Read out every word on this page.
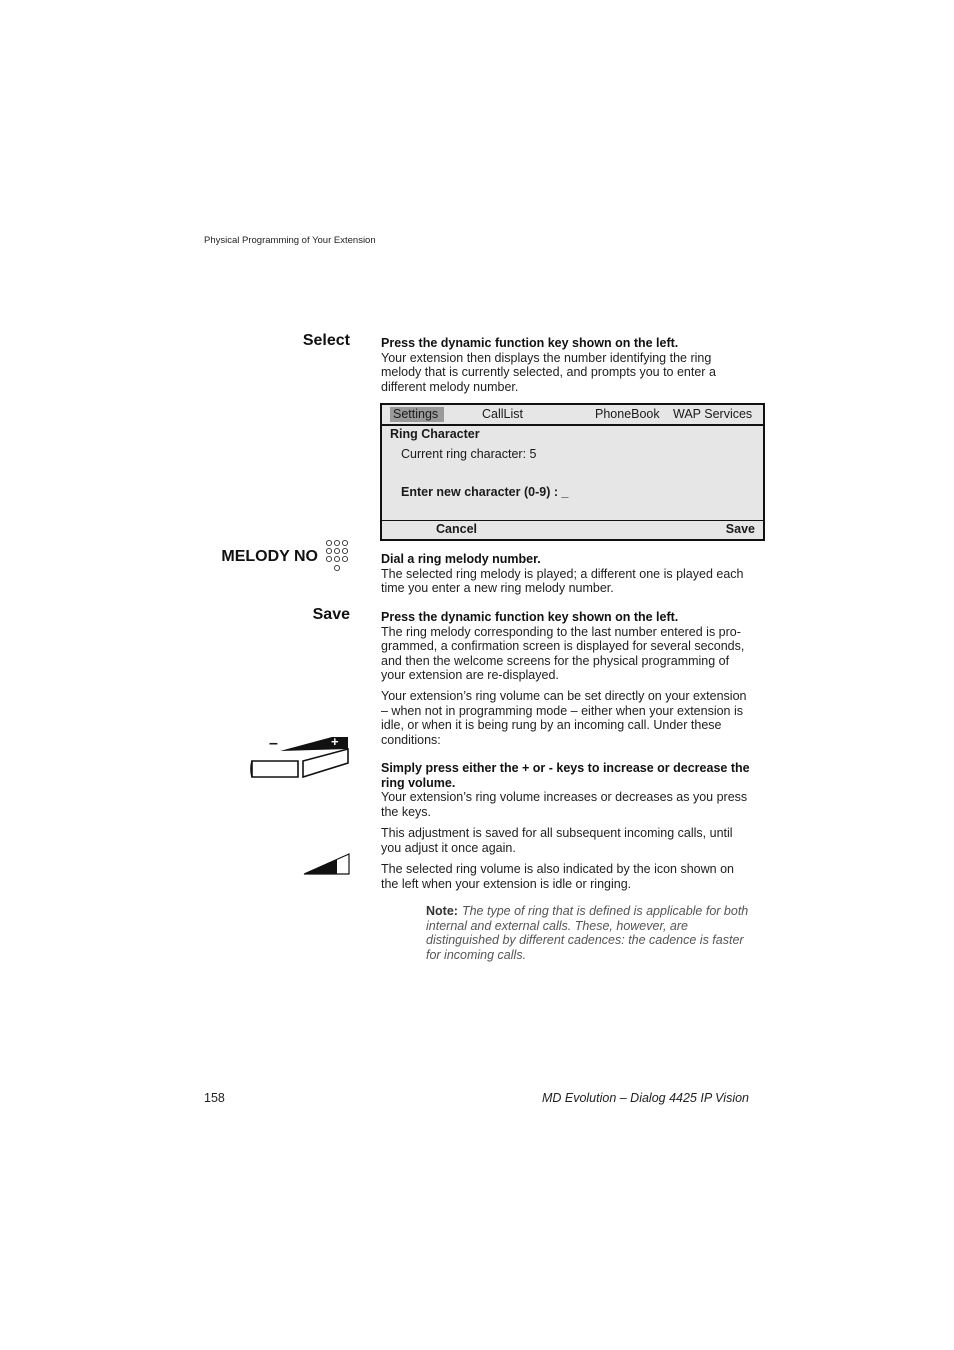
Physical Programming of Your Extension
Select Press the dynamic function key shown on the left.

Your extension then displays the number identifying the ring melody that is currently selected, and prompts you to enter a different melody number.

Settings	CallList	PhoneBook WAP Services
Ring Character
Current ring character: 5
Enter new character (0-9) : _
Cancel	Save
MELODY NO	Dial a ring melody number.

The selected ring melody is played; a different one is played each time you enter a new ring melody number.

Save Press the dynamic function key shown on the left.

The ring melody corresponding to the last number entered is pro-grammed, a confirmation screen is displayed for several seconds, and then the welcome screens for the physical programming of your extension are re-displayed.

Your extension’s ring volume can be set directly on your extension – when not in programming mode – either when your extension is idle, or when it is being rung by an incoming call. Under these conditions:
–	+
Simply press either the + or - keys to increase or decrease the ring volume.

Your extension’s ring volume increases or decreases as you press the keys.

This adjustment is saved for all subsequent incoming calls, until you adjust it once again.
The selected ring volume is also indicated by the icon shown on the left when your extension is idle or ringing.
Note: The type of ring that is defined is applicable for both internal and external calls. These, however, are distinguished by different cadences: the cadence is faster for incoming calls.
158	MD Evolution – Dialog 4425 IP Vision
